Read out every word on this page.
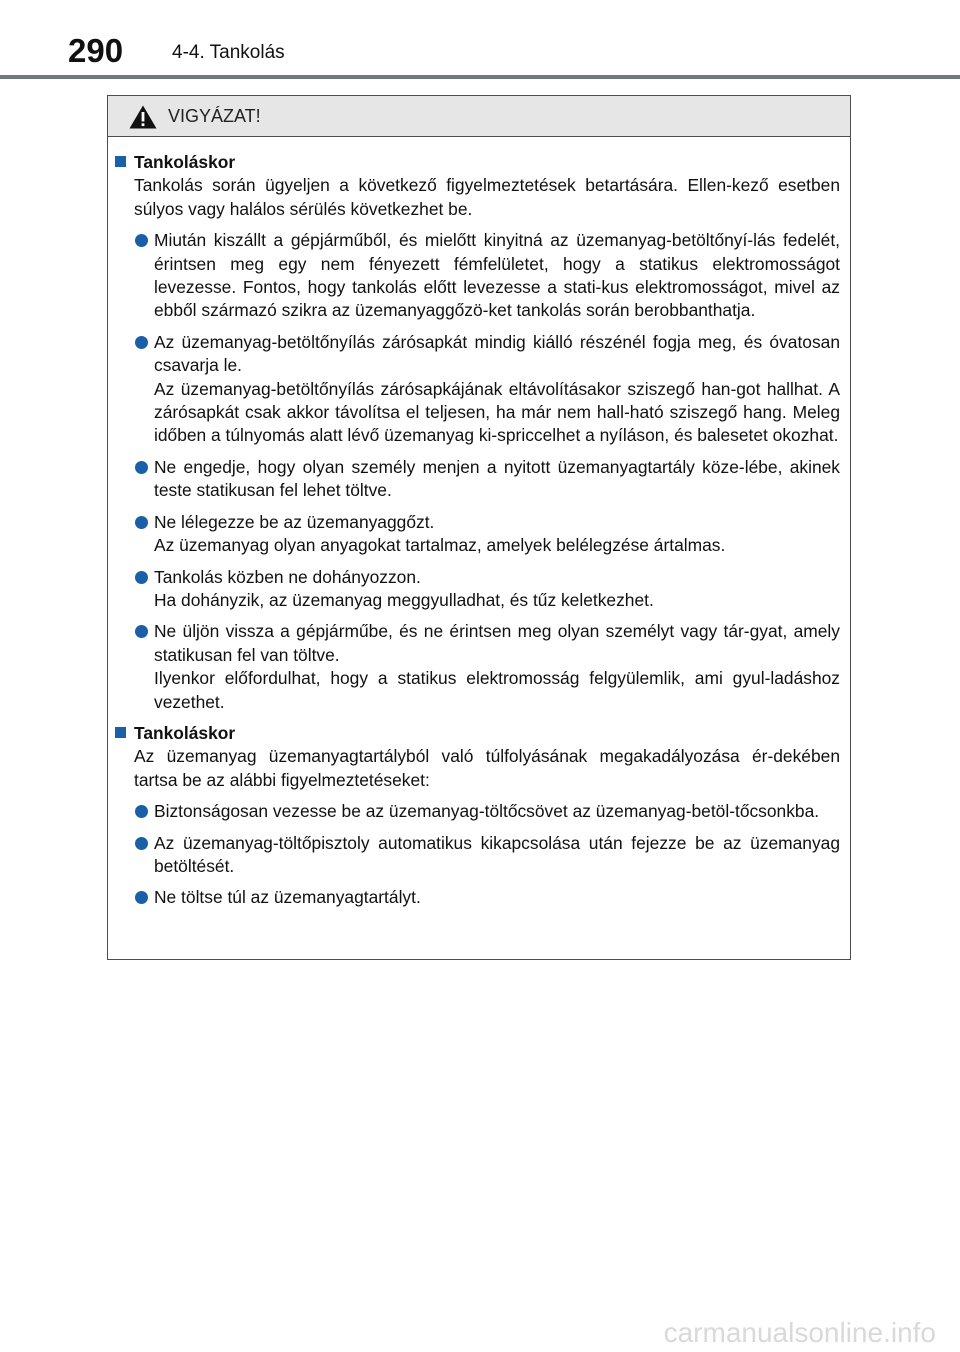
290	4-4. Tankolás
VIGYÁZAT!
Tankoláskor
Tankolás során ügyeljen a következő figyelmeztetések betartására. Ellen-kező esetben súlyos vagy halálos sérülés következhet be.
Miután kiszállt a gépjárműből, és mielőtt kinyitná az üzemanyag-betöltőnyí-lás fedelét, érintsen meg egy nem fényezett fémfelületet, hogy a statikus elektromosságot levezesse. Fontos, hogy tankolás előtt levezesse a stati-kus elektromosságot, mivel az ebből származó szikra az üzemanyaggőzö-ket tankolás során berobbanthatja.
Az üzemanyag-betöltőnyílás zárósapkát mindig kiálló részénél fogja meg, és óvatosan csavarja le.
Az üzemanyag-betöltőnyílás zárósapkájának eltávolításakor sziszegő han-got hallhat. A zárósapkát csak akkor távolítsa el teljesen, ha már nem hall-ható sziszegő hang. Meleg időben a túlnyomás alatt lévő üzemanyag ki-spriccelhet a nyíláson, és balesetet okozhat.
Ne engedje, hogy olyan személy menjen a nyitott üzemanyagtartály köze-lébe, akinek teste statikusan fel lehet töltve.
Ne lélegezze be az üzemanyaggőzt.
Az üzemanyag olyan anyagokat tartalmaz, amelyek belélegzése ártalmas.
Tankolás közben ne dohányozzon.
Ha dohányzik, az üzemanyag meggyulladhat, és tűz keletkezhet.
Ne üljön vissza a gépjárműbe, és ne érintsen meg olyan személyt vagy tár-gyat, amely statikusan fel van töltve.
Ilyenkor előfordulhat, hogy a statikus elektromosság felgyülemlik, ami gyul-ladáshoz vezethet.
Tankoláskor
Az üzemanyag üzemanyagtartályból való túlfolyásának megakadályozása ér-dekében tartsa be az alábbi figyelmeztetéseket:
Biztonságosan vezesse be az üzemanyag-töltőcsövet az üzemanyag-betöl-tőcsonkba.
Az üzemanyag-töltőpisztoly automatikus kikapcsolása után fejezze be az üzemanyag betöltését.
Ne töltse túl az üzemanyagtartályt.
carmanualsonline.info
